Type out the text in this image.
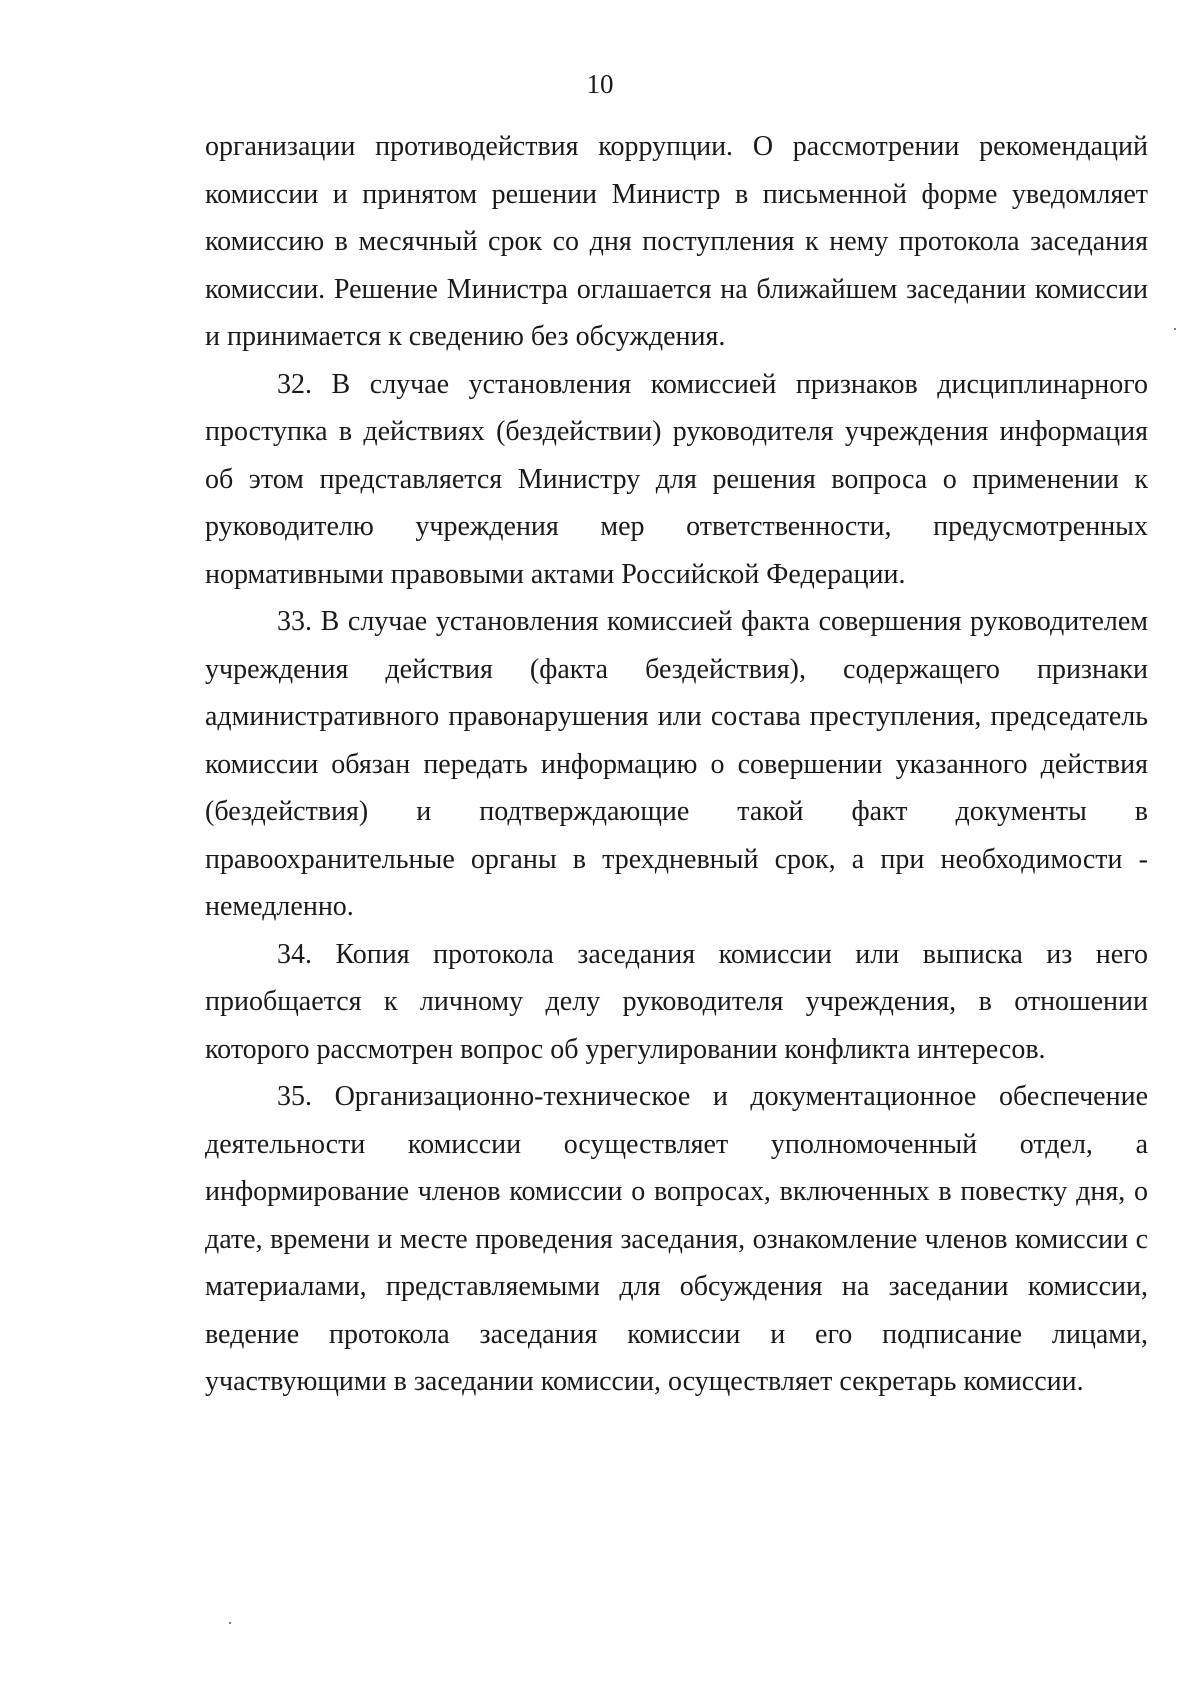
10

организации противодействия коррупции. О рассмотрении рекомендаций комиссии и принятом решении Министр в письменной форме уведомляет комиссию в месячный срок со дня поступления к нему протокола заседания комиссии. Решение Министра оглашается на ближайшем заседании комиссии и принимается к сведению без обсуждения.

32. В случае установления комиссией признаков дисциплинарного проступка в действиях (бездействии) руководителя учреждения информация об этом представляется Министру для решения вопроса о применении к руководителю учреждения мер ответственности, предусмотренных нормативными правовыми актами Российской Федерации.

33. В случае установления комиссией факта совершения руководителем учреждения действия (факта бездействия), содержащего признаки административного правонарушения или состава преступления, председатель комиссии обязан передать информацию о совершении указанного действия (бездействия) и подтверждающие такой факт документы в правоохранительные органы в трехдневный срок, а при необходимости - немедленно.

34. Копия протокола заседания комиссии или выписка из него приобщается к личному делу руководителя учреждения, в отношении которого рассмотрен вопрос об урегулировании конфликта интересов.

35. Организационно-техническое и документационное обеспечение деятельности комиссии осуществляет уполномоченный отдел, а информирование членов комиссии о вопросах, включенных в повестку дня, о дате, времени и месте проведения заседания, ознакомление членов комиссии с материалами, представляемыми для обсуждения на заседании комиссии, ведение протокола заседания комиссии и его подписание лицами, участвующими в заседании комиссии, осуществляет секретарь комиссии.
